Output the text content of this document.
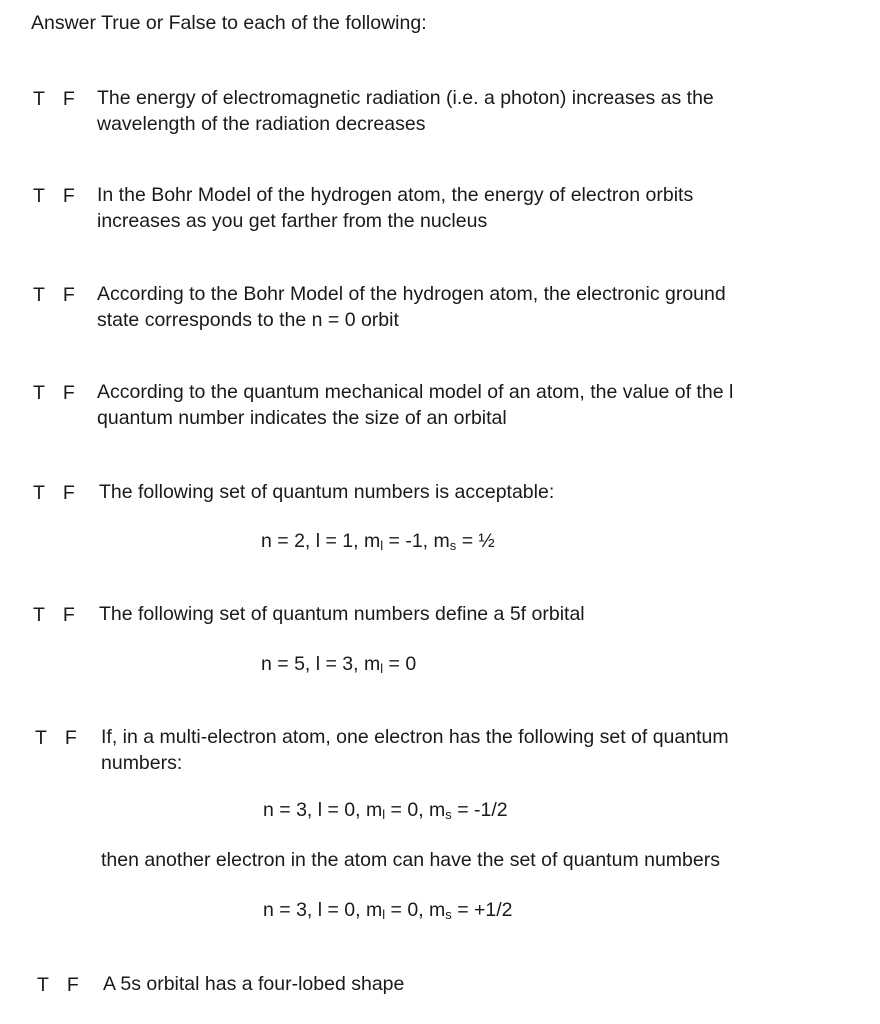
Answer True or False to each of the following:
T F The energy of electromagnetic radiation (i.e. a photon) increases as the
wavelength of the radiation decreases
T F In the Bohr Model of the hydrogen atom, the energy of electron orbits
increases as you get farther from the nucleus
T F According to the Bohr Model of the hydrogen atom, the electronic ground
state corresponds to the n = 0 orbit
T F According to the quantum mechanical model of an atom, the value of the l
quantum number indicates the size of an orbital
T F The following set of quantum numbers is acceptable:
n = 2, l = 1, $m_l = -1$, $m_s$ = ½
T F The following set of quantum numbers define a 5f orbital
n = 5, l = 3, $m_l = 0$
T F If, in a multi-electron atom, one electron has the following set of quantum
numbers:
n = 3, l = 0, $m_l = 0$, $m_s = -1/2$
then another electron in the atom can have the set of quantum numbers
n = 3, l = 0, $m_l = 0$, $m_s = +1/2$
T F A 5s orbital has a four-lobed shape
